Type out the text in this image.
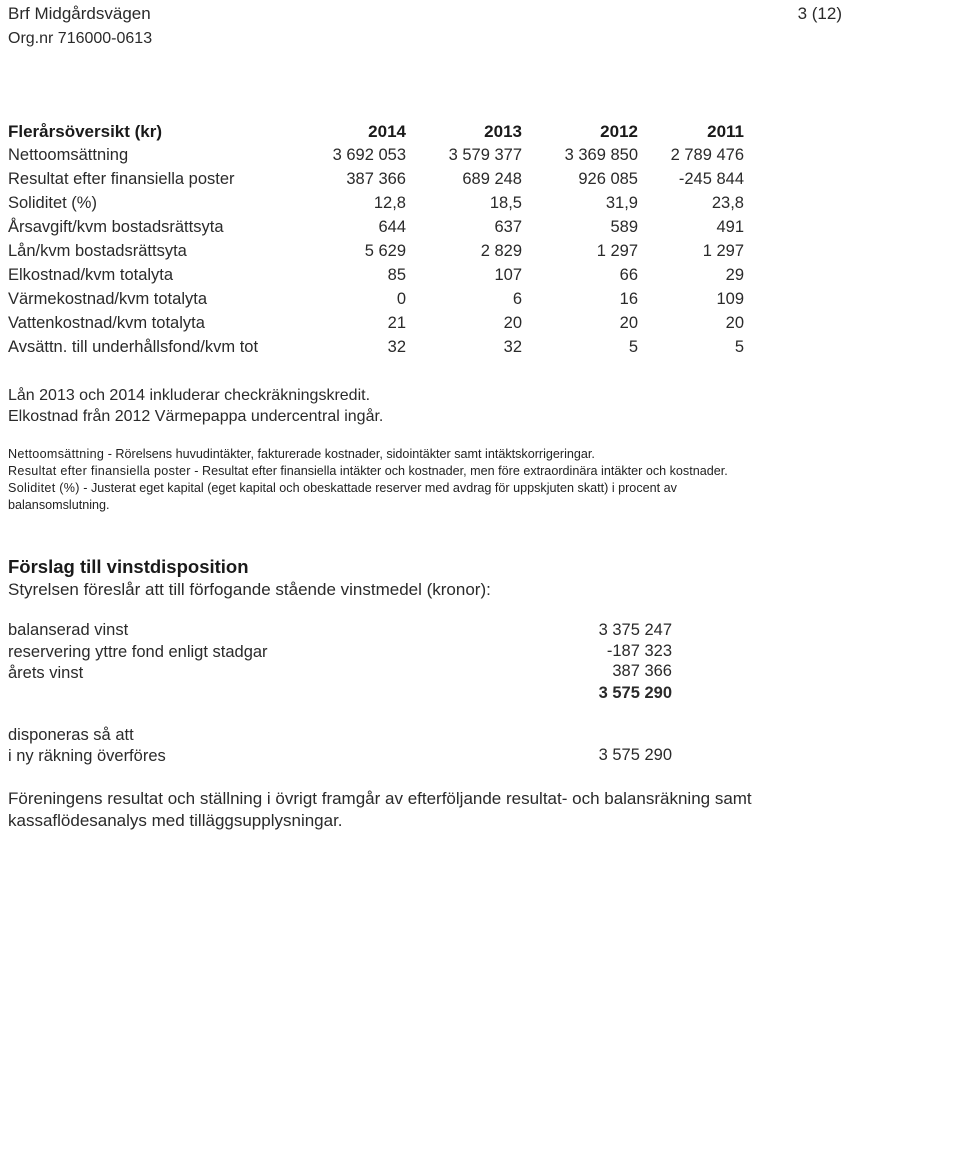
Brf Midgårdsvägen
Org.nr 716000-0613
3 (12)
Flerårsöversikt (kr)	2014	2013	2012	2011
Nettoomsättning	3 692 053	3 579 377	3 369 850	2 789 476
Resultat efter finansiella poster	387 366	689 248	926 085	-245 844
Soliditet (%)	12,8	18,5	31,9	23,8
Årsavgift/kvm bostadsrättsyta	644	637	589	491
Lån/kvm bostadsrättsyta	5 629	2 829	1 297	1 297
Elkostnad/kvm totalyta	85	107	66	29
Värmekostnad/kvm totalyta	0	6	16	109
Vattenkostnad/kvm totalyta	21	20	20	20
Avsättn. till underhållsfond/kvm tot	32	32	5	5
Lån 2013 och 2014 inkluderar checkräkningskredit.
Elkostnad från 2012 Värmepappa undercentral ingår.
Nettoomsättning - Rörelsens huvudintäkter, fakturerade kostnader, sidointäkter samt intäktskorrigeringar.
Resultat efter finansiella poster - Resultat efter finansiella intäkter och kostnader, men före extraordinära intäkter och kostnader.
Soliditet (%) - Justerat eget kapital (eget kapital och obeskattade reserver med avdrag för uppskjuten skatt) i procent av
balansomslutning.
Förslag till vinstdisposition
Styrelsen föreslår att till förfogande stående vinstmedel (kronor):
balanserad vinst	3 375 247
reservering yttre fond enligt stadgar	-187 323
årets vinst	387 366
3 575 290
disponeras så att
i ny räkning överföres	3 575 290
Föreningens resultat och ställning i övrigt framgår av efterföljande resultat- och balansräkning samt
kassaflödesanalys med tilläggsupplysningar.
